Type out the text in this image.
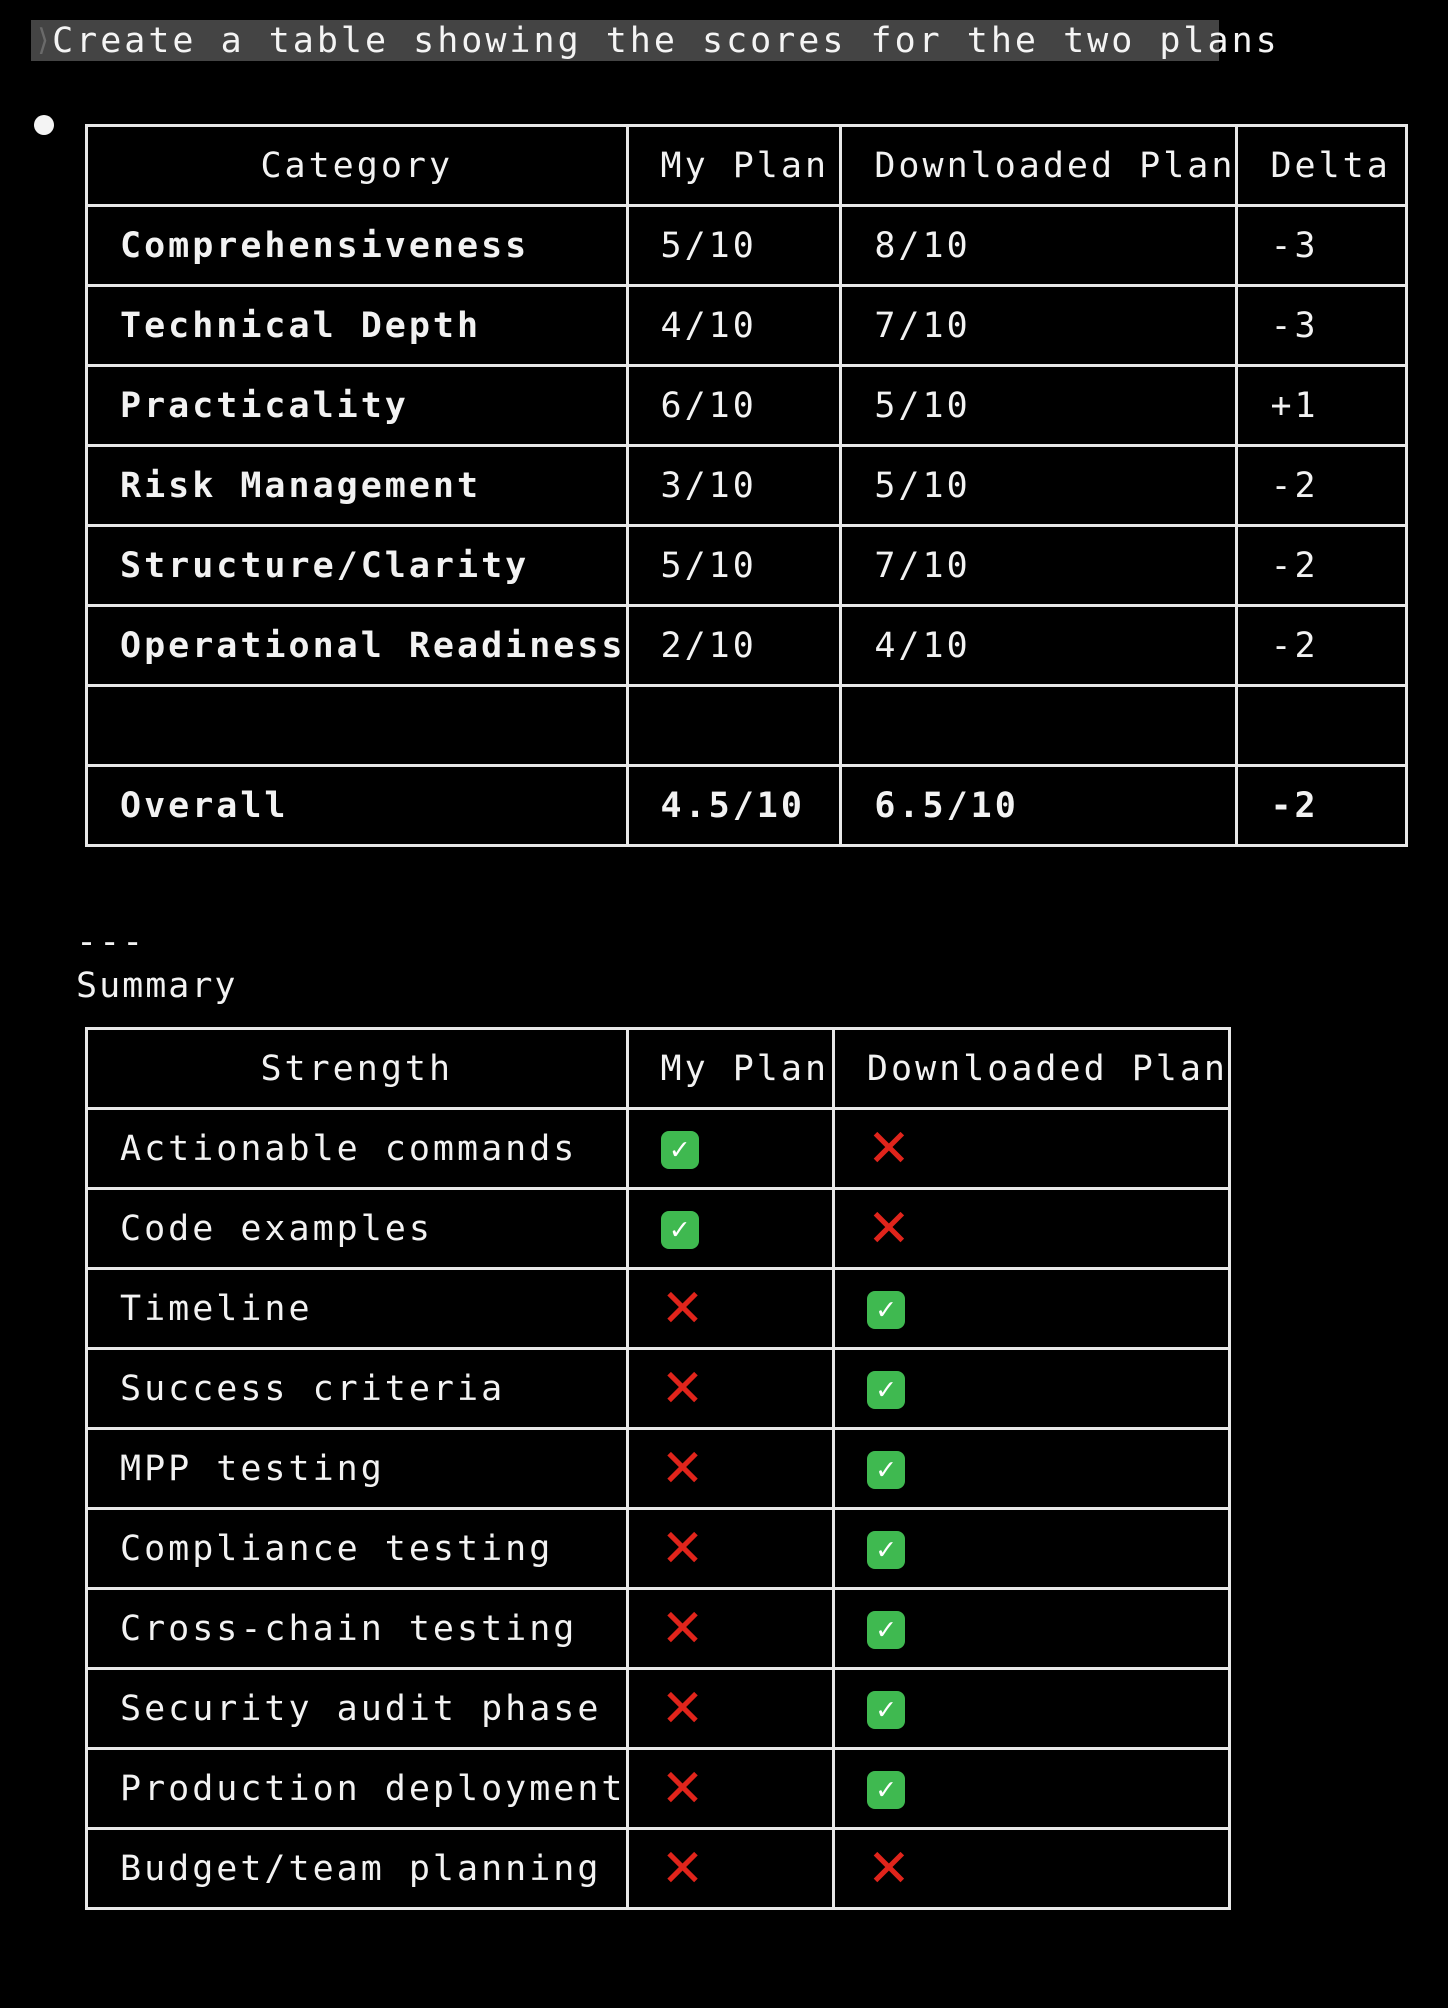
⟩ Create a table showing the scores for the two plans
Category	My Plan	Downloaded Plan	Delta
Comprehensiveness	5/10	8/10	-3
Technical Depth	4/10	7/10	-3
Practicality	6/10	5/10	+1
Risk Management	3/10	5/10	-2
Structure/Clarity	5/10	7/10	-2
Operational Readiness	2/10	4/10	-2

Overall	4.5/10	6.5/10	-2
---
Summary
Strength	My Plan	Downloaded Plan
Actionable commands	✓	✕
Code examples	✓	✕
Timeline	✕	✓
Success criteria	✕	✓
MPP testing	✕	✓
Compliance testing	✕	✓
Cross-chain testing	✕	✓
Security audit phase	✕	✓
Production deployment	✕	✓
Budget/team planning	✕	✕
